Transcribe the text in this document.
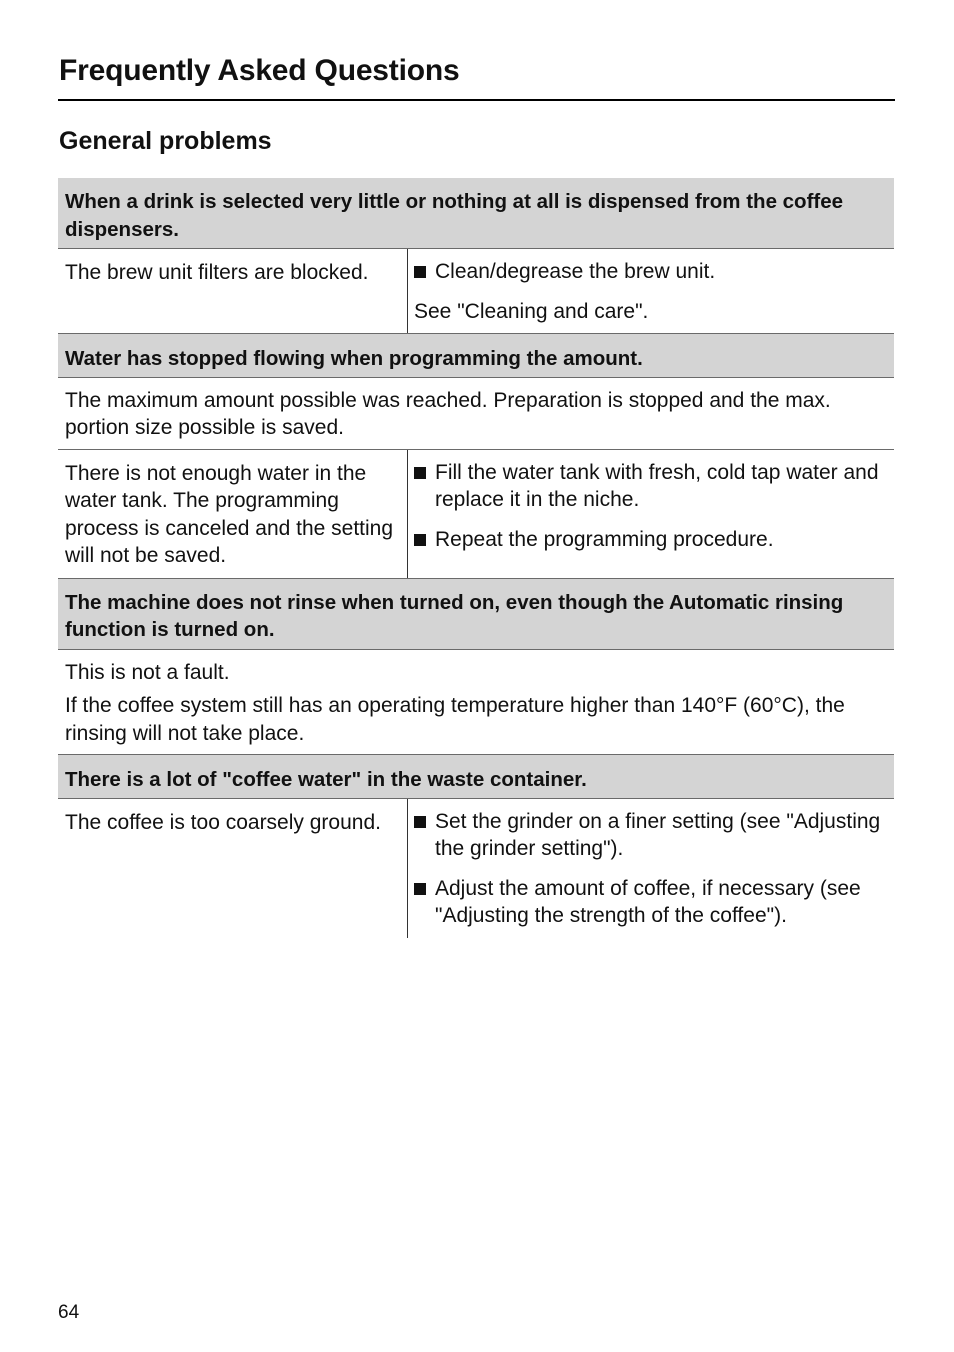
Frequently Asked Questions
General problems
When a drink is selected very little or nothing at all is dispensed from the coffee dispensers.
The brew unit filters are blocked.	Clean/degrease the brew unit.

See "Cleaning and care".

Water has stopped flowing when programming the amount.

The maximum amount possible was reached. Preparation is stopped and the max. portion size possible is saved.

There is not enough water in the water tank. The programming process is canceled and the setting will not be saved.
Fill the water tank with fresh, cold tap water and replace it in the niche.
Repeat the programming procedure.
The machine does not rinse when turned on, even though the Automatic rinsing function is turned on.

This is not a fault.

If the coffee system still has an operating temperature higher than 140°F (60°C), the rinsing will not take place.

There is a lot of "coffee water" in the waste container.
The coffee is too coarsely ground.	Set the grinder on a finer setting (see "Adjusting the grinder setting").
Adjust the amount of coffee, if necessary (see "Adjusting the strength of the coffee").
64
